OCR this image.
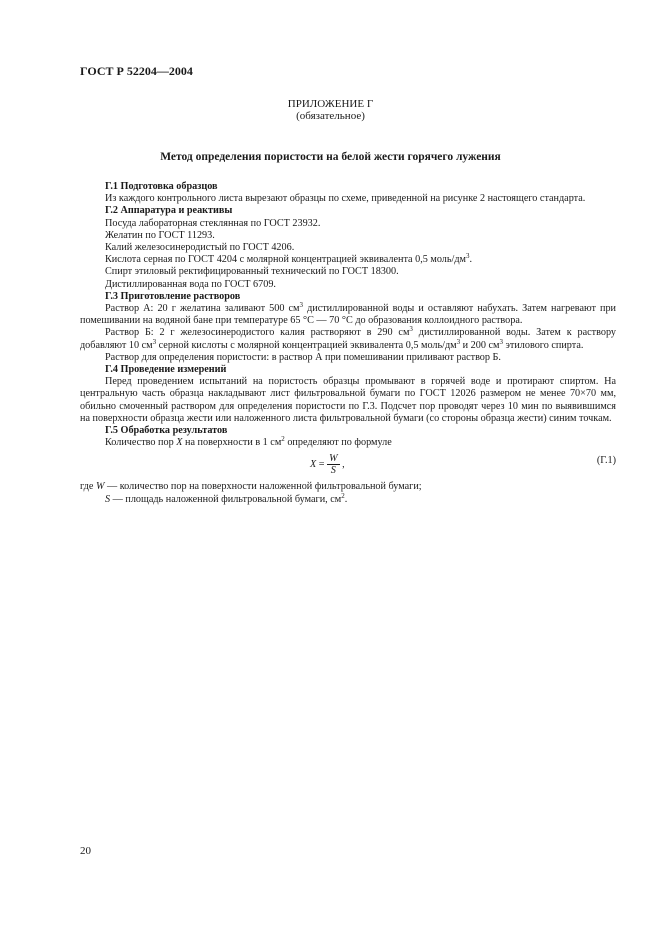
ГОСТ Р 52204—2004
ПРИЛОЖЕНИЕ Г
(обязательное)
Метод определения пористости на белой жести горячего лужения

Г.1 Подготовка образцов

Из каждого контрольного листа вырезают образцы по схеме, приведенной на рисунке 2 настоящего стандарта.

Г.2 Аппаратура и реактивы

Посуда лабораторная стеклянная по ГОСТ 23932.

Желатин по ГОСТ 11293.

Калий железосинеродистый по ГОСТ 4206.

Кислота серная по ГОСТ 4204 с молярной концентрацией эквивалента 0,5 моль/$дм^3$.

Спирт этиловый ректифицированный технический по ГОСТ 18300.

Дистиллированная вода по ГОСТ 6709.

Г.3 Приготовление растворов

Раствор А: 20 г желатина заливают 500 $см^3$ дистиллированной воды и оставляют набухать. Затем нагревают при помешивании на водяной бане при температуре 65 °С — 70 °С до образования коллоидного раствора.

Раствор Б: 2 г железосинеродистого калия растворяют в 290 $см^3$ дистиллированной воды. Затем к раствору добавляют 10 $см^3$ серной кислоты с молярной концентрацией эквивалента 0,5 моль/$дм^3$ и 200 $см^3$ этилового спирта.

Раствор для определения пористости: в раствор А при помешивании приливают раствор Б.

Г.4 Проведение измерений

Перед проведением испытаний на пористость образцы промывают в горячей воде и протирают спиртом. На центральную часть образца накладывают лист фильтровальной бумаги по ГОСТ 12026 размером не менее 70×70 мм, обильно смоченный раствором для определения пористости по Г.3. Подсчет пор проводят через 10 мин по выявившимся на поверхности образца жести или наложенного листа фильтровальной бумаги (со стороны образца жести) синим точкам.

Г.5 Обработка результатов

Количество пор X на поверхности в 1 $см^2$ определяют по формуле

$X = \frac{W}{S}$ ,	(Г.1)

где W — количество пор на поверхности наложенной фильтровальной бумаги;

S — площадь наложенной фильтровальной бумаги, $см^2$.

20
